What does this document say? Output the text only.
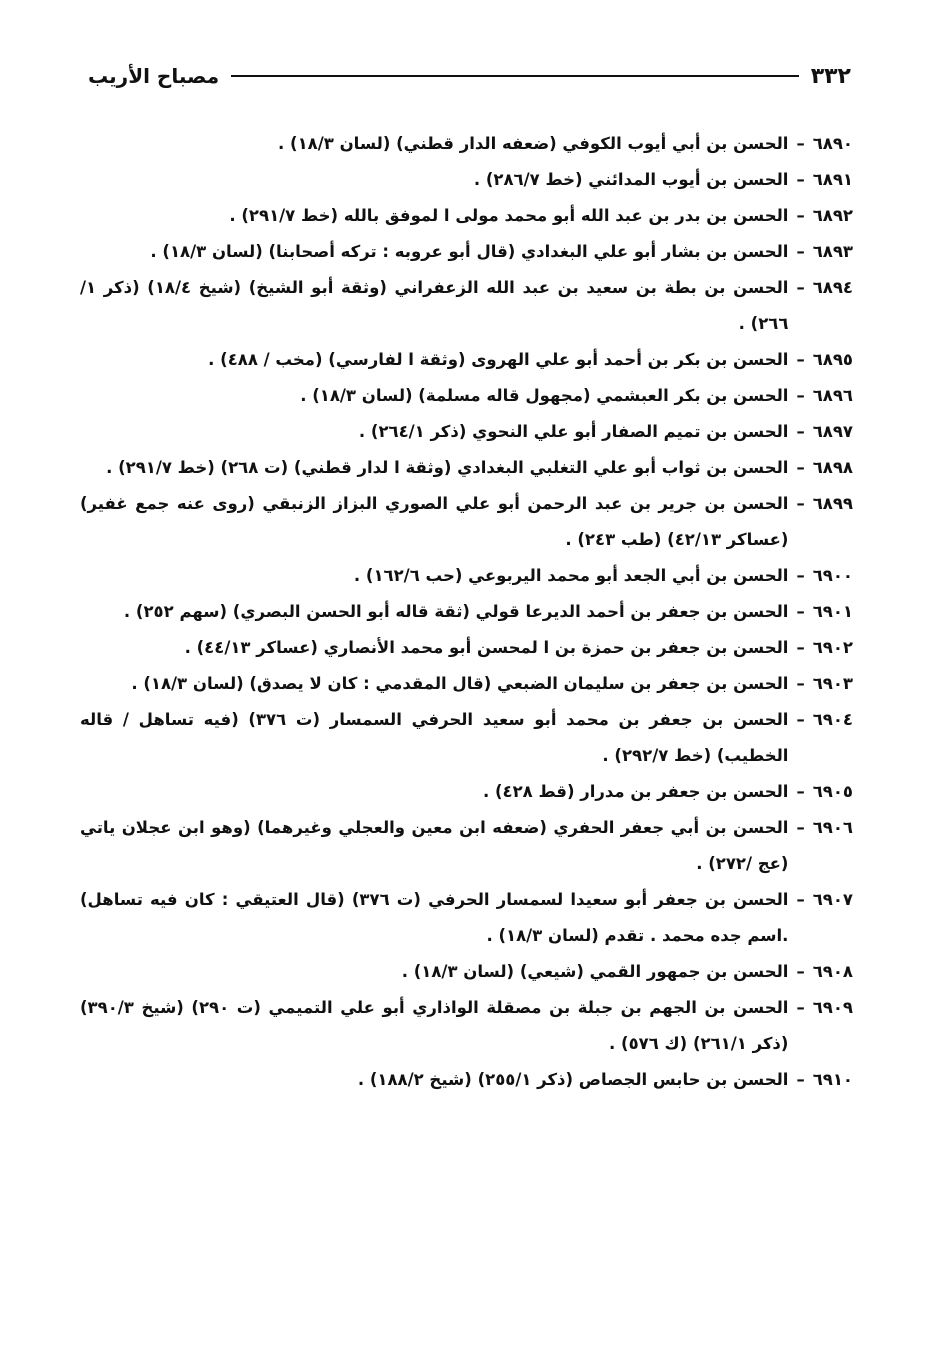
٣٣٢
مصباح الأريب
٦٨٩٠
–
الحسن بن أبي أيوب الكوفي (ضعفه الدار قطني) (لسان ١٨/٣) .
٦٨٩١
–
الحسن بن أيوب المدائني (خط ٢٨٦/٧) .
٦٨٩٢
–
الحسن بن بدر بن عبد الله أبو محمد مولى ا لموفق بالله (خط ٢٩١/٧) .
٦٨٩٣
–
الحسن بن بشار أبو علي البغدادي (قال أبو عروبه : تركه أصحابنا) (لسان ١٨/٣) .
٦٨٩٤
–
الحسن بن بطة بن سعيد بن عبد الله الزعفراني (وثقة أبو الشيخ) (شيخ ١٨/٤) (ذكر ١/ ٢٦٦) .
٦٨٩٥
–
الحسن بن بكر بن أحمد أبو علي الهروى (وثقة ا لفارسي) (مخب / ٤٨٨) .
٦٨٩٦
–
الحسن بن بكر العبشمي (مجهول قاله مسلمة) (لسان ١٨/٣) .
٦٨٩٧
–
الحسن بن تميم الصفار أبو علي النحوي (ذكر ٢٦٤/١) .
٦٨٩٨
–
الحسن بن ثواب أبو علي التغلبي البغدادي (وثقة ا لدار قطني) (ت ٢٦٨) (خط ٢٩١/٧) .
٦٨٩٩
–
الحسن بن جرير بن عبد الرحمن أبو علي الصوري البزاز الزنبقي (روى عنه جمع غفير) (عساكر ٤٢/١٣) (طب ٢٤٣) .
٦٩٠٠
–
الحسن بن أبي الجعد أبو محمد اليربوعي (حب ١٦٢/٦) .
٦٩٠١
–
الحسن بن جعفر بن أحمد الديرعا قولي (ثقة قاله أبو الحسن البصري) (سهم ٢٥٢) .
٦٩٠٢
–
الحسن بن جعفر بن حمزة بن ا لمحسن أبو محمد الأنصاري (عساكر ٤٤/١٣) .
٦٩٠٣
–
الحسن بن جعفر بن سليمان الضبعي (قال المقدمي : كان لا يصدق) (لسان ١٨/٣) .
٦٩٠٤
–
الحسن بن جعفر بن محمد أبو سعيد الحرفي السمسار (ت ٣٧٦) (فيه تساهل / قاله الخطيب) (خط ٢٩٢/٧) .
٦٩٠٥
–
الحسن بن جعفر بن مدرار (قط ٤٢٨) .
٦٩٠٦
–
الحسن بن أبي جعفر الحفري (ضعفه ابن معين والعجلي وغيرهما) (وهو ابن عجلان ياتي (عج /٢٧٢) .
٦٩٠٧
–
الحسن بن جعفر أبو سعيدا لسمسار الحرفي (ت ٣٧٦) (قال العتيقي : كان فيه تساهل) .اسم جده محمد . تقدم (لسان ١٨/٣) .
٦٩٠٨
–
الحسن بن جمهور القمي (شيعي) (لسان ١٨/٣) .
٦٩٠٩
–
الحسن بن الجهم بن جبلة بن مصقلة الواذاري أبو علي التميمي (ت ٢٩٠) (شيخ ٣٩٠/٣) (ذكر ٢٦١/١) (ك ٥٧٦) .
٦٩١٠
–
الحسن بن حابس الجصاص (ذكر ٢٥٥/١) (شيخ ١٨٨/٢) .
